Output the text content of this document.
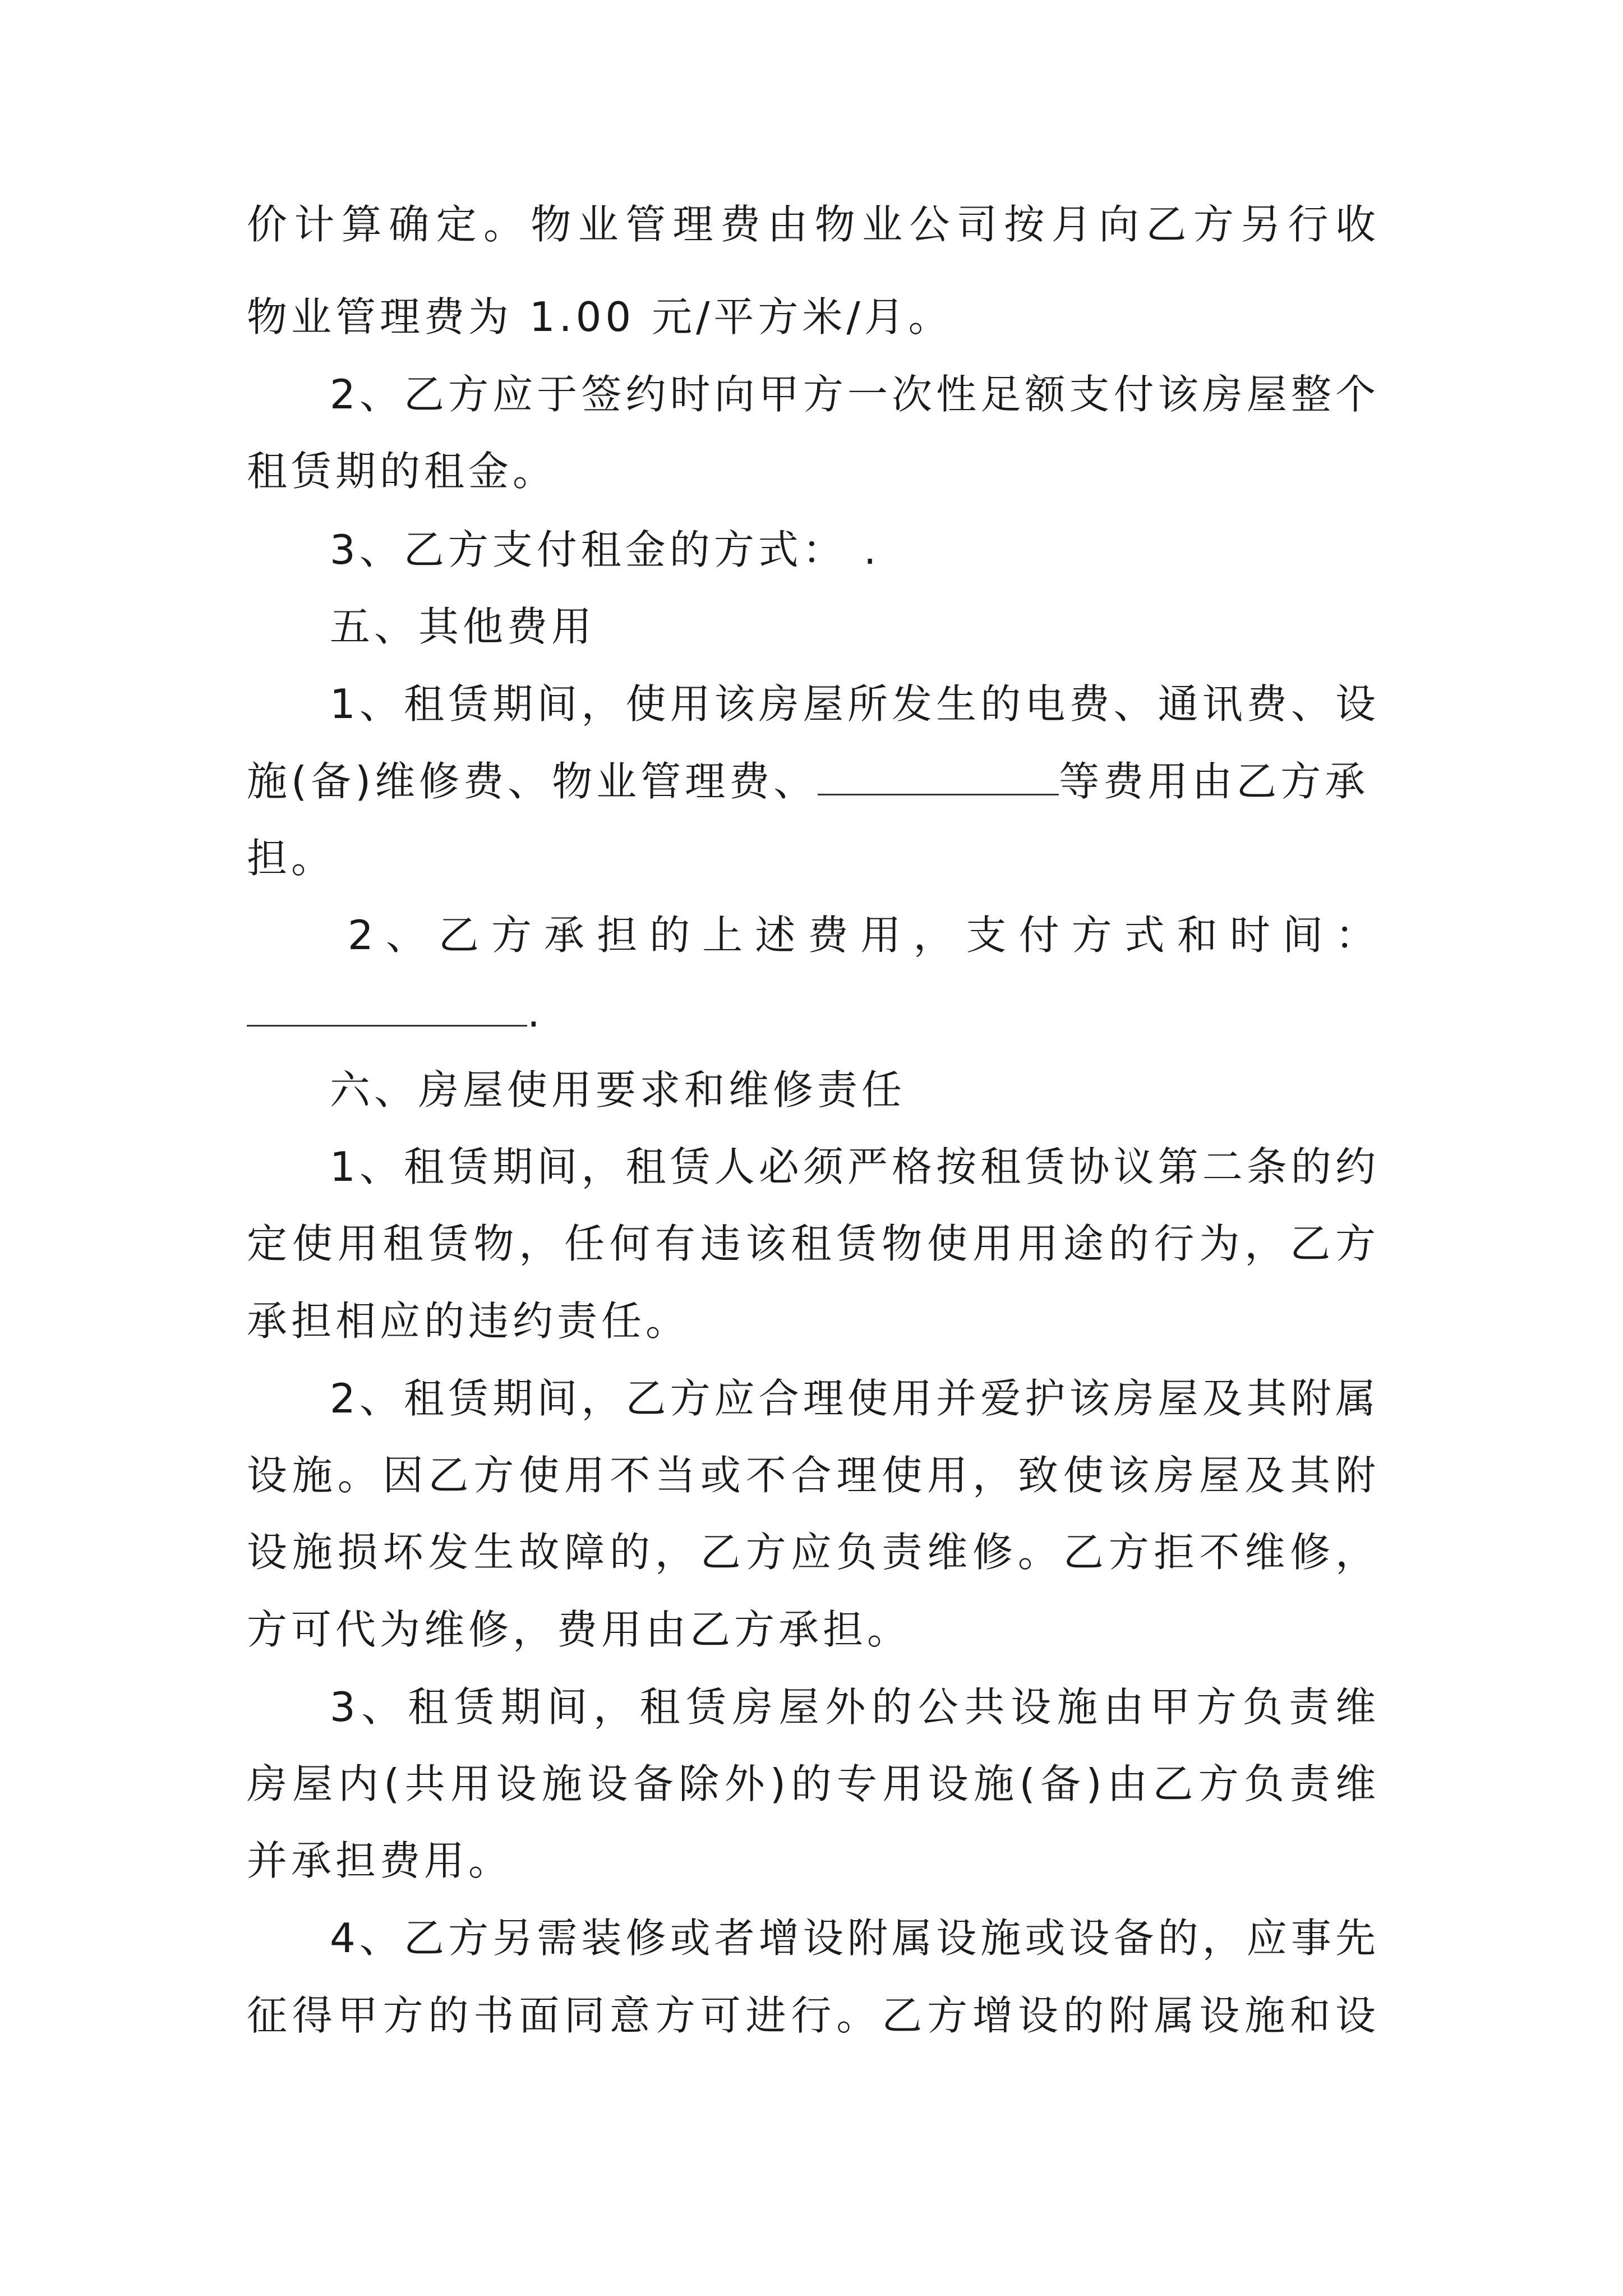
价计算确定。物业管理费由物业公司按月向乙方另行收
物业管理费为 1.00 元/平方米/月。
2、乙方应于签约时向甲方一次性足额支付该房屋整个
租赁期的租金。
3、乙方支付租金的方式： .
五、其他费用
1、租赁期间，使用该房屋所发生的电费、通讯费、设
施(备)维修费、物业管理费、	等费用由乙方承
担。
2、乙方承担的上述费用，支付方式和时间：
.
六、房屋使用要求和维修责任
1、租赁期间，租赁人必须严格按租赁协议第二条的约
定使用租赁物，任何有违该租赁物使用用途的行为，乙方
承担相应的违约责任。
2、租赁期间，乙方应合理使用并爱护该房屋及其附属
设施。因乙方使用不当或不合理使用，致使该房屋及其附
设施损坏发生故障的，乙方应负责维修。乙方拒不维修，
方可代为维修，费用由乙方承担。
3、租赁期间，租赁房屋外的公共设施由甲方负责维
房屋内(共用设施设备除外)的专用设施(备)由乙方负责维
并承担费用。
4、乙方另需装修或者增设附属设施或设备的，应事先
征得甲方的书面同意方可进行。乙方增设的附属设施和设
